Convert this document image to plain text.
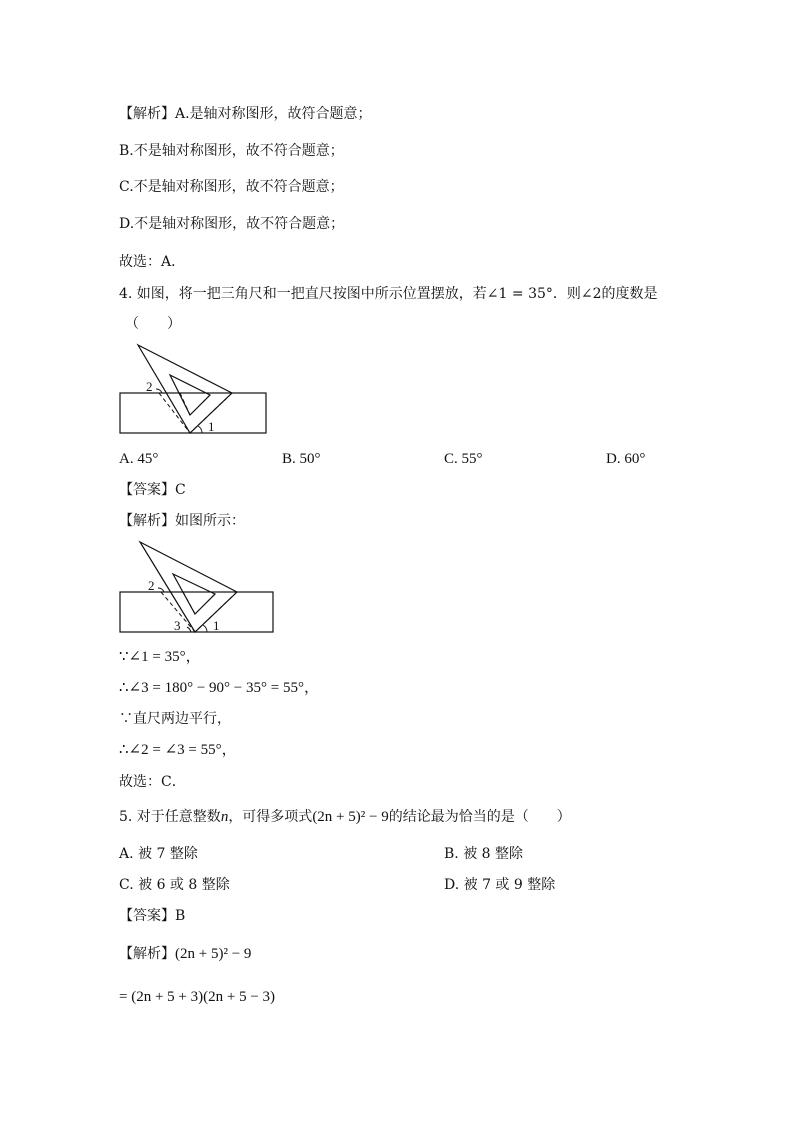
【解析】A.是轴对称图形，故符合题意；
B.不是轴对称图形，故不符合题意；
C.不是轴对称图形，故不符合题意；
D.不是轴对称图形，故不符合题意；
故选：A．
4. 如图，将一把三角尺和一把直尺按图中所示位置摆放，若∠1 = 35°．则∠2的度数是
（　　）
2
1
A. 45°	B. 50°	C. 55°	D. 60°
【答案】C
【解析】如图所示：
2
3	1
∵∠1 = 35°，
∴∠3 = 180° − 90° − 35° = 55°，
∵直尺两边平行，
∴∠2 = ∠3 = 55°，
故选：C．
5. 对于任意整数n，可得多项式(2n + 5)² − 9的结论最为恰当的是（　　）
A. 被 7 整除	B. 被 8 整除
C. 被 6 或 8 整除	D. 被 7 或 9 整除
【答案】B
【解析】(2n + 5)² − 9
= (2n + 5 + 3)(2n + 5 − 3)
